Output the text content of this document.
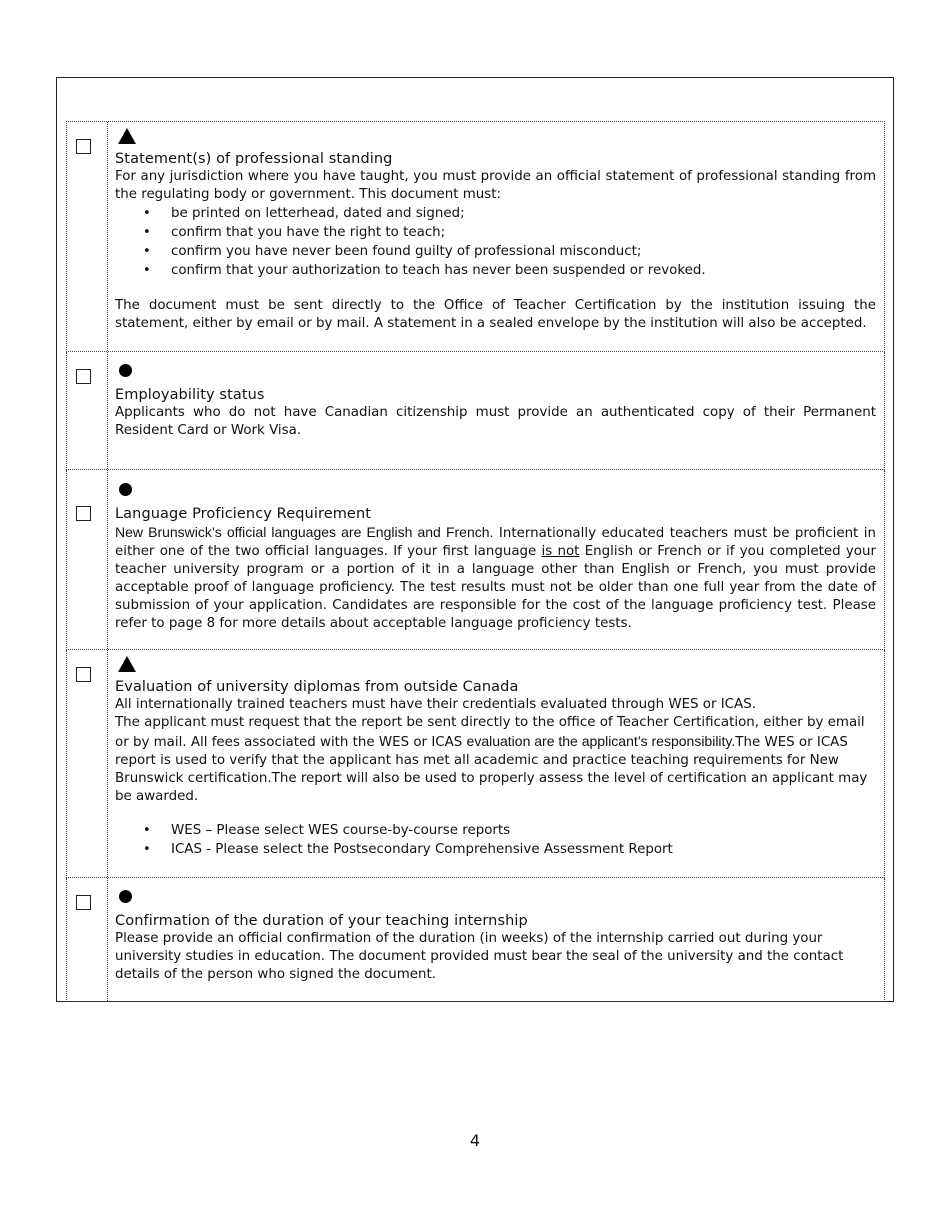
Statement(s) of professional standing
For any jurisdiction where you have taught, you must provide an official statement of professional standing from the regulating body or government. This document must:
• be printed on letterhead, dated and signed;
• confirm that you have the right to teach;
• confirm you have never been found guilty of professional misconduct;
• confirm that your authorization to teach has never been suspended or revoked.
The document must be sent directly to the Office of Teacher Certification by the institution issuing the statement, either by email or by mail. A statement in a sealed envelope by the institution will also be accepted.
Employability status
Applicants who do not have Canadian citizenship must provide an authenticated copy of their Permanent Resident Card or Work Visa.
Language Proficiency Requirement
New Brunswick’s official languages are English and French. Internationally educated teachers must be proficient in either one of the two official languages. If your first language is not English or French or if you completed your teacher university program or a portion of it in a language other than English or French, you must provide acceptable proof of language proficiency. The test results must not be older than one full year from the date of submission of your application. Candidates are responsible for the cost of the language proficiency test. Please refer to page 8 for more details about acceptable language proficiency tests.
Evaluation of university diplomas from outside Canada
All internationally trained teachers must have their credentials evaluated through WES or ICAS.
The applicant must request that the report be sent directly to the office of Teacher Certification, either by email or by mail. All fees associated with the WES or ICAS evaluation are the applicant’s responsibility.The WES or ICAS report is used to verify that the applicant has met all academic and practice teaching requirements for New Brunswick certification.The report will also be used to properly assess the level of certification an applicant may be awarded.
• WES – Please select WES course-by-course reports
• ICAS - Please select the Postsecondary Comprehensive Assessment Report
Confirmation of the duration of your teaching internship
Please provide an official confirmation of the duration (in weeks) of the internship carried out during your university studies in education. The document provided must bear the seal of the university and the contact details of the person who signed the document.
4
